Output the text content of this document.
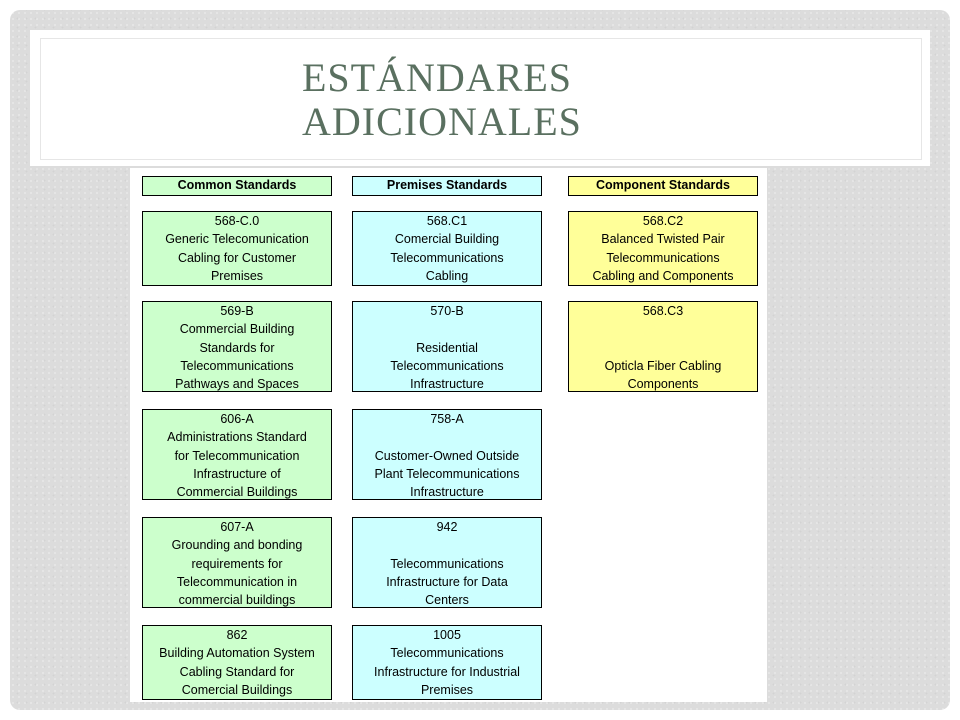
ESTÁNDARES
ADICIONALES
Common Standards
568-C.0
Generic Telecomunication
Cabling for Customer
Premises
569-B
Commercial Building
Standards for
Telecommunications
Pathways and Spaces
606-A
Administrations Standard
for Telecommunication
Infrastructure of
Commercial Buildings
607-A
Grounding and bonding
requirements for
Telecommunication in
commercial buildings
862
Building Automation System
Cabling Standard for
Comercial Buildings
Premises Standards
568.C1
Comercial Building
Telecommunications
Cabling
570-B

Residential
Telecommunications
Infrastructure
758-A

Customer-Owned Outside
Plant Telecommunications
Infrastructure
942

Telecommunications
Infrastructure for Data
Centers
1005
Telecommunications
Infrastructure for Industrial
Premises
Component Standards
568.C2
Balanced Twisted Pair
Telecommunications
Cabling and Components
568.C3

Opticla Fiber Cabling
Components
